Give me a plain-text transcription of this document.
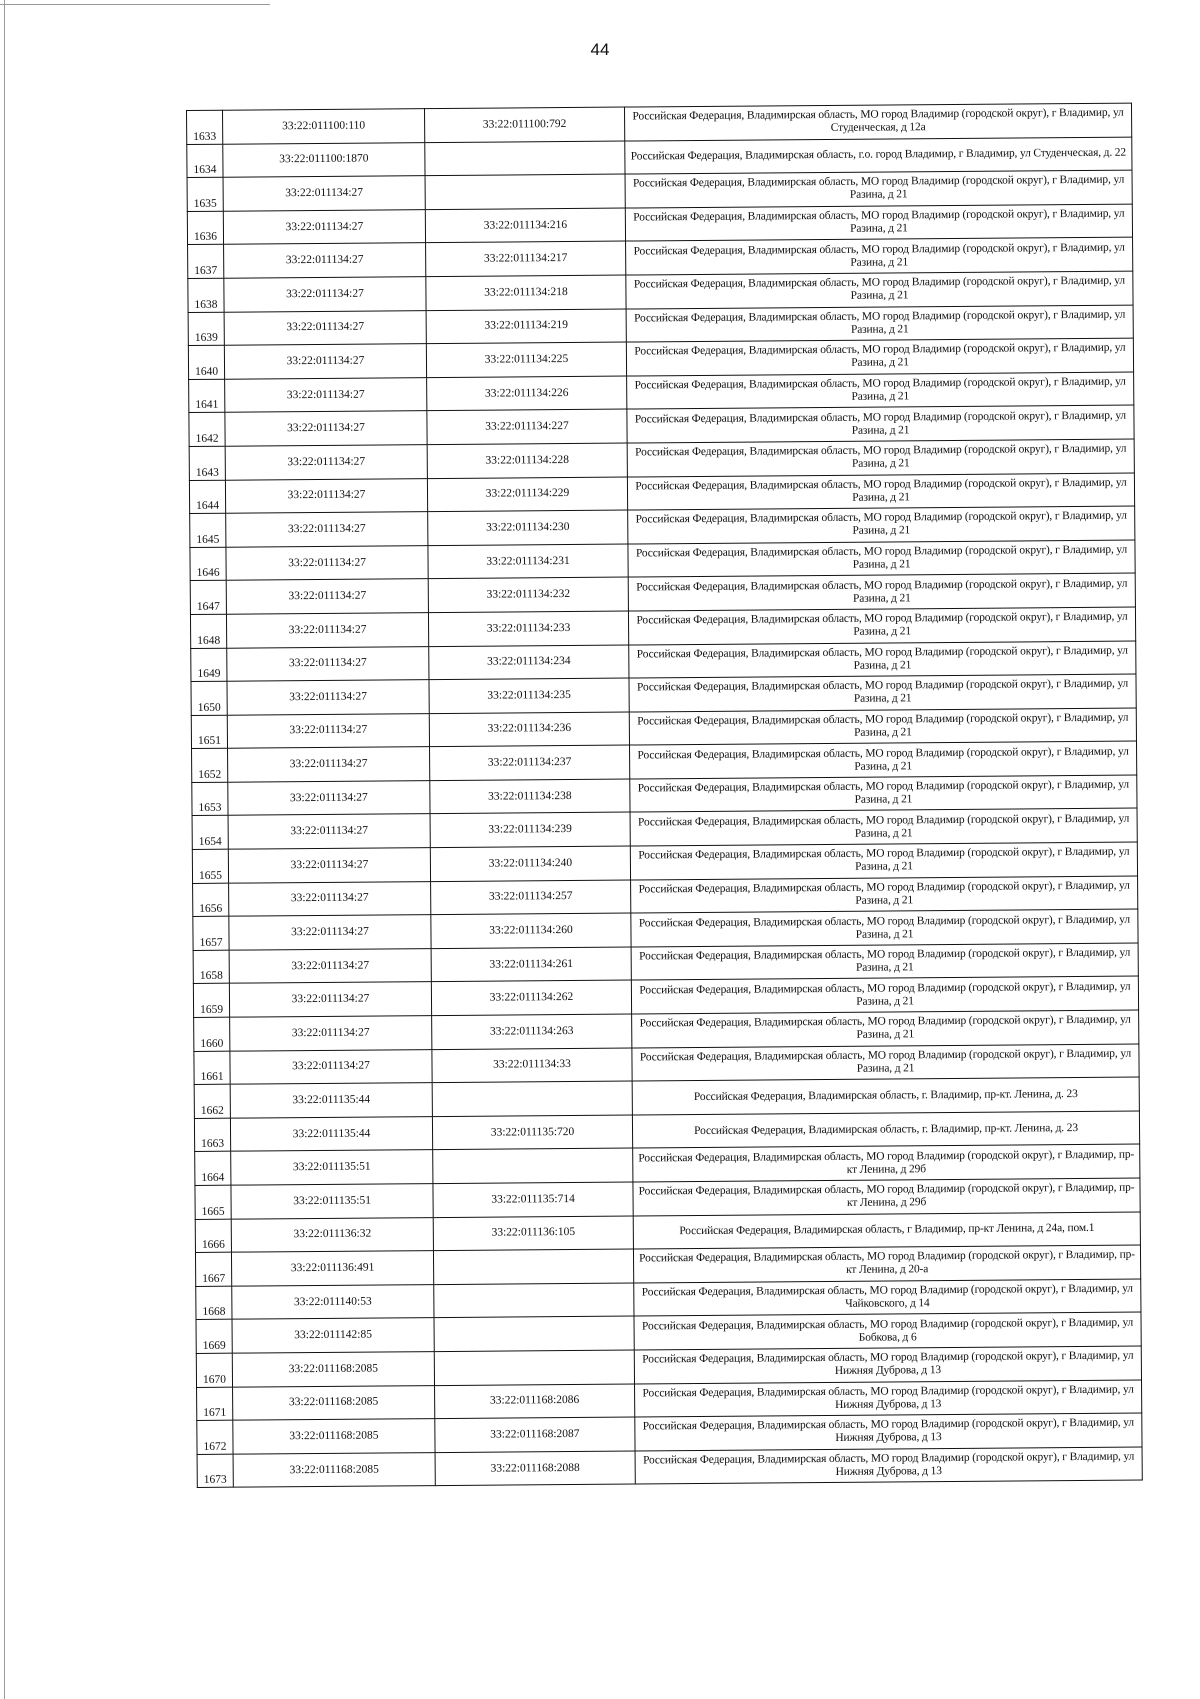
44
1633	33:22:011100:110	33:22:011100:792	Российская Федерация, Владимирская область, МО город Владимир (городской округ), г Владимир, ул Студенческая, д 12а
1634	33:22:011100:1870		Российская Федерация, Владимирская область, г.о. город Владимир, г Владимир, ул Студенческая, д. 22
1635	33:22:011134:27		Российская Федерация, Владимирская область, МО город Владимир (городской округ), г Владимир, ул Разина, д 21
1636	33:22:011134:27	33:22:011134:216	Российская Федерация, Владимирская область, МО город Владимир (городской округ), г Владимир, ул Разина, д 21
1637	33:22:011134:27	33:22:011134:217	Российская Федерация, Владимирская область, МО город Владимир (городской округ), г Владимир, ул Разина, д 21
1638	33:22:011134:27	33:22:011134:218	Российская Федерация, Владимирская область, МО город Владимир (городской округ), г Владимир, ул Разина, д 21
1639	33:22:011134:27	33:22:011134:219	Российская Федерация, Владимирская область, МО город Владимир (городской округ), г Владимир, ул Разина, д 21
1640	33:22:011134:27	33:22:011134:225	Российская Федерация, Владимирская область, МО город Владимир (городской округ), г Владимир, ул Разина, д 21
1641	33:22:011134:27	33:22:011134:226	Российская Федерация, Владимирская область, МО город Владимир (городской округ), г Владимир, ул Разина, д 21
1642	33:22:011134:27	33:22:011134:227	Российская Федерация, Владимирская область, МО город Владимир (городской округ), г Владимир, ул Разина, д 21
1643	33:22:011134:27	33:22:011134:228	Российская Федерация, Владимирская область, МО город Владимир (городской округ), г Владимир, ул Разина, д 21
1644	33:22:011134:27	33:22:011134:229	Российская Федерация, Владимирская область, МО город Владимир (городской округ), г Владимир, ул Разина, д 21
1645	33:22:011134:27	33:22:011134:230	Российская Федерация, Владимирская область, МО город Владимир (городской округ), г Владимир, ул Разина, д 21
1646	33:22:011134:27	33:22:011134:231	Российская Федерация, Владимирская область, МО город Владимир (городской округ), г Владимир, ул Разина, д 21
1647	33:22:011134:27	33:22:011134:232	Российская Федерация, Владимирская область, МО город Владимир (городской округ), г Владимир, ул Разина, д 21
1648	33:22:011134:27	33:22:011134:233	Российская Федерация, Владимирская область, МО город Владимир (городской округ), г Владимир, ул Разина, д 21
1649	33:22:011134:27	33:22:011134:234	Российская Федерация, Владимирская область, МО город Владимир (городской округ), г Владимир, ул Разина, д 21
1650	33:22:011134:27	33:22:011134:235	Российская Федерация, Владимирская область, МО город Владимир (городской округ), г Владимир, ул Разина, д 21
1651	33:22:011134:27	33:22:011134:236	Российская Федерация, Владимирская область, МО город Владимир (городской округ), г Владимир, ул Разина, д 21
1652	33:22:011134:27	33:22:011134:237	Российская Федерация, Владимирская область, МО город Владимир (городской округ), г Владимир, ул Разина, д 21
1653	33:22:011134:27	33:22:011134:238	Российская Федерация, Владимирская область, МО город Владимир (городской округ), г Владимир, ул Разина, д 21
1654	33:22:011134:27	33:22:011134:239	Российская Федерация, Владимирская область, МО город Владимир (городской округ), г Владимир, ул Разина, д 21
1655	33:22:011134:27	33:22:011134:240	Российская Федерация, Владимирская область, МО город Владимир (городской округ), г Владимир, ул Разина, д 21
1656	33:22:011134:27	33:22:011134:257	Российская Федерация, Владимирская область, МО город Владимир (городской округ), г Владимир, ул Разина, д 21
1657	33:22:011134:27	33:22:011134:260	Российская Федерация, Владимирская область, МО город Владимир (городской округ), г Владимир, ул Разина, д 21
1658	33:22:011134:27	33:22:011134:261	Российская Федерация, Владимирская область, МО город Владимир (городской округ), г Владимир, ул Разина, д 21
1659	33:22:011134:27	33:22:011134:262	Российская Федерация, Владимирская область, МО город Владимир (городской округ), г Владимир, ул Разина, д 21
1660	33:22:011134:27	33:22:011134:263	Российская Федерация, Владимирская область, МО город Владимир (городской округ), г Владимир, ул Разина, д 21
1661	33:22:011134:27	33:22:011134:33	Российская Федерация, Владимирская область, МО город Владимир (городской округ), г Владимир, ул Разина, д 21
1662	33:22:011135:44		Российская Федерация, Владимирская область, г. Владимир, пр-кт. Ленина, д. 23
1663	33:22:011135:44	33:22:011135:720	Российская Федерация, Владимирская область, г. Владимир, пр-кт. Ленина, д. 23
1664	33:22:011135:51		Российская Федерация, Владимирская область, МО город Владимир (городской округ), г Владимир, пр-кт Ленина, д 29б
1665	33:22:011135:51	33:22:011135:714	Российская Федерация, Владимирская область, МО город Владимир (городской округ), г Владимир, пр-кт Ленина, д 29б
1666	33:22:011136:32	33:22:011136:105	Российская Федерация, Владимирская область, г Владимир, пр-кт Ленина, д 24а, пом.1
1667	33:22:011136:491		Российская Федерация, Владимирская область, МО город Владимир (городской округ), г Владимир, пр-кт Ленина, д 20-а
1668	33:22:011140:53		Российская Федерация, Владимирская область, МО город Владимир (городской округ), г Владимир, ул Чайковского, д 14
1669	33:22:011142:85		Российская Федерация, Владимирская область, МО город Владимир (городской округ), г Владимир, ул Бобкова, д 6
1670	33:22:011168:2085		Российская Федерация, Владимирская область, МО город Владимир (городской округ), г Владимир, ул Нижняя Дуброва, д 13
1671	33:22:011168:2085	33:22:011168:2086	Российская Федерация, Владимирская область, МО город Владимир (городской округ), г Владимир, ул Нижняя Дуброва, д 13
1672	33:22:011168:2085	33:22:011168:2087	Российская Федерация, Владимирская область, МО город Владимир (городской округ), г Владимир, ул Нижняя Дуброва, д 13
1673	33:22:011168:2085	33:22:011168:2088	Российская Федерация, Владимирская область, МО город Владимир (городской округ), г Владимир, ул Нижняя Дуброва, д 13
